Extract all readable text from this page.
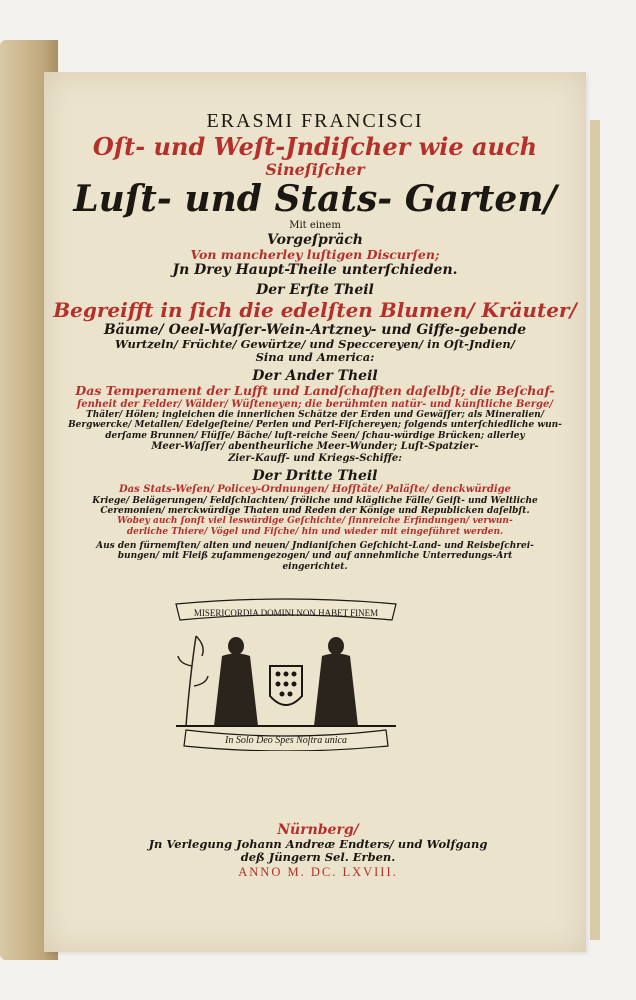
ERASMI FRANCISCI
Oſt- und Weſt-Jndiſcher wie auch
Sineſiſcher
Luſt- und Stats- Garten/
Mit einem
Vorgeſpräch
Von mancherley luſtigen Discurſen;
Jn Drey Haupt-Theile unterſchieden.
Der Erſte Theil
Begreifft in ſich die edelſten Blumen/ Kräuter/
Bäume/ Oeel-Waſſer-Wein-Artzney- und Giffe-gebende
Wurtzeln/ Früchte/ Gewürtze/ und Speccereyen/ in Oſt-Jndien/
Sina und America:
Der Ander Theil
Das Temperament der Lufft und Landſchafften daſelbſt; die Beſchaf-
fenheit der Felder/ Wälder/ Wüſteneyen; die berühmten natür- und künſtliche Berge/
Thäler/ Hölen; ingleichen die innerlichen Schätze der Erden und Gewäſſer; als Mineralien/
Bergwercke/ Metallen/ Edelgeſteine/ Perlen und Perl-Fiſchereyen; folgends unterſchiedliche wun-
derſame Brunnen/ Flüſſe/ Bäche/ luſt-reiche Seen/ ſchau-würdige Brücken; allerley
Meer-Waſſer/ abentheurliche Meer-Wunder; Luſt-Spatzier-
Zier-Kauff- und Kriegs-Schiffe:
Der Dritte Theil
Das Stats-Weſen/ Policey-Ordnungen/ Hofſtäte/ Paläſte/ denckwürdige
Kriege/ Belägerungen/ Feldſchlachten/ fröliche und klägliche Fälle/ Geiſt- und Weltliche
Ceremonien/ merckwürdige Thaten und Reden der Könige und Republicken daſelbſt.
Wobey auch ſonſt viel leswürdige Geſchichte/ ſinnreiche Erfindungen/ verwun-
derliche Thiere/ Vögel und Fiſche/ hin und wieder mit eingeführet werden.
Aus den fürnemſten/ alten und neuen/ Jndianiſchen Geſchicht-Land- und Reisbeſchrei-
bungen/ mit Fleiß zuſammengezogen/ und auf annehmliche Unterredungs-Art
eingerichtet.
MISERICORDIA DOMINI NON HABET FINEM
In Solo Deo Spes Noſtra unica
Nürnberg/
Jn Verlegung Johann Andreæ Endters/ und Wolfgang
deß Jüngern Sel. Erben.
ANNO M. DC. LXVIII.
